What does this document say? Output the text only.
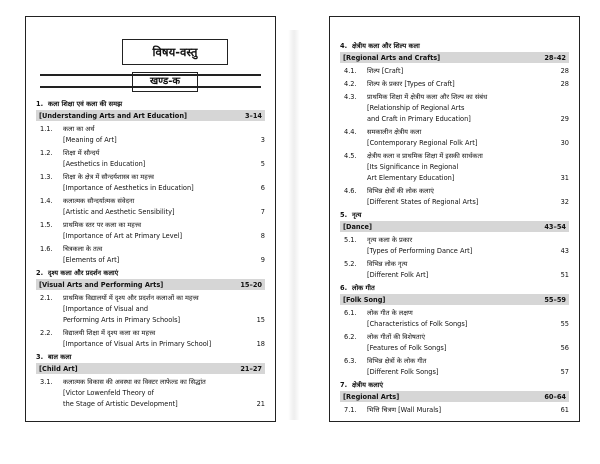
विषय-वस्तु
खण्ड-क
1. कला शिक्षा एवं कला की समझ
[Understanding Arts and Art Education]	3–14
1.1. कला का अर्थ
[Meaning of Art]	3
1.2. शिक्षा में सौन्दर्य
[Aesthetics in Education]	5
1.3. शिक्षा के क्षेत्र में सौन्दर्यशास्त्र का महत्त्व
[Importance of Aesthetics in Education]	6
1.4. कलात्मक सौन्दर्यात्मक संवेदना
[Artistic and Aesthetic Sensibility]	7
1.5. प्राथमिक स्तर पर कला का महत्त्व
[Importance of Art at Primary Level]	8
1.6. चित्रकला के तत्व
[Elements of Art]	9
2. दृश्य कला और प्रदर्शन कलाएं
[Visual Arts and Performing Arts]	15–20
2.1. प्राथमिक विद्यालयों में दृश्य और प्रदर्शन कलाओं का महत्त्व
[Importance of Visual and
Performing Arts in Primary Schools]	15
2.2. विद्यालयी शिक्षा में दृश्य कला का महत्त्व
[Importance of Visual Arts in Primary School]	18
3. बाल कला
[Child Art]	21–27
3.1. कलात्मक विकास की अवस्था का विक्टर लाफेल्ड का सिद्धांत
[Victor Lowenfeld Theory of
the Stage of Artistic Development]	21
4. क्षेत्रीय कला और शिल्प कला
[Regional Arts and Crafts]	28–42
4.1. शिल्प [Craft]	28
4.2. शिल्प के प्रकार [Types of Craft]	28
4.3. प्राथमिक शिक्षा में क्षेत्रीय कला और शिल्प का संबंध
[Relationship of Regional Arts
and Craft in Primary Education]	29
4.4. समकालीन क्षेत्रीय कला
[Contemporary Regional Folk Art]	30
4.5. क्षेत्रीय कला व प्राथमिक शिक्षा में इसकी सार्थकता
[Its Significance in Regional
Art Elementary Education]	31
4.6. विभिन्न क्षेत्रों की लोक कलाएं
[Different States of Regional Arts]	32
5. नृत्य
[Dance]	43–54
5.1. नृत्य कला के प्रकार
[Types of Performing Dance Art]	43
5.2. विभिन्न लोक नृत्य
[Different Folk Art]	51
6. लोक गीत
[Folk Song]	55–59
6.1. लोक गीत के लक्षण
[Characteristics of Folk Songs]	55
6.2. लोक गीतों की विशेषताएं
[Features of Folk Songs]	56
6.3. विभिन्न क्षेत्रों के लोक गीत
[Different Folk Songs]	57
7. क्षेत्रीय कलाएं
[Regional Arts]	60–64
7.1. भित्ति चित्रण [Wall Murals]	61
